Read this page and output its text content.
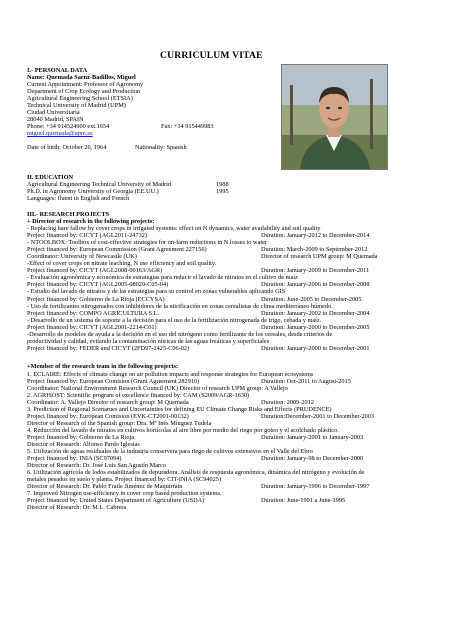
CURRICULUM VITAE
I.- PERSONAL DATA
Name: Quemada Saenz-Badillos, Miguel
Current Appointment: Professor of Agronomy
Department of Crop Ecology and Production
Agricultural Engineering School (ETSIA)
Technical University of Madrid (UPM)
Ciudad Universitaria
28040 Madrid, SPAIN
Phone: +34 914524900 ext.1654	Fax: +34 915449983
miguel.quemada@upm.es
Date of birth: October 26, 1964	Nationality: Spanish
II. EDUCATION
Agricultural Engineering Technical University of Madrid	1988
Ph.D. in Agronomy University of Georgia (EE.UU.)	1995
Languages: fluent in English and French
III.- RESEARCH PROJECTS
+ Director of research in the following projects:
- Replacing bare fallow by cover crops in irrigated systems: effect on N dynamics, water availability and soil quality
Project financed by: CICYT (AGL2011-24732)	Duration: January-2012 to December-2014
- NTOOLBOX: Toolbox of cost-effective strategies for on-farm reductions in N losses to water
Project financed by: European Commission (Grant Agreement 227156)	Duration: March-2009 to September-2012
Coordinator: University of Newcastle (UK)	Director of research UPM group: M Quemada
-Effect of cover crops on nitrate leaching, N use efficiency and soil quality.
Project financed by: CICYT (AGL2008-00163/AGR)	Duration: January-2009 to December-2011
- Evaluación agronómica y económica de estrategias para reducir el lavado de nitratos en el cultivo de maíz
Project financed by: CICYT (AGL2005-08020-C05-04)	Duration: January-2006 to December-2008
- Estudio del lavado de nitratos y de las estrategias para su control en zonas vulnerables aplicando GIS
Project financed by: Gobierno de La Rioja (ECCYSA)	Duration: June-2005 to December-2005
- Uso de fertilizantes nitrogenados con inhibidores de la nitrificación en zonas cerealistas de clima mediterráneo húmedo.
Project financed by: COMPO AGRICULTURA S.L.	Duration: January-2002 to December-2004
- Desarrollo de un sistema de soporte a la decisión para el uso de la fertilización nitrogenada de trigo, cebada y maíz.
Project financed by: CICYT (AGL2001-2214-C01)	Duration: January-2000 to December-2005
-Desarrollo de modelos de ayuda a la decisión en el uso del nitrógeno como fertilizante de los cereales, desde criterios de
productividad y calidad, evitando la contaminación nítricas de las aguas freáticas y superficiales
Project financed by: FEDER and CICYT (2FD97-2425-C06-02)	Duration: January-2000 to December-2001
+Member of the research team in the following projects:
1. ECLAIRE: Effects of climate change on air pollution impacts and response strategies for European ecosystems
Project financed by: European Comision (Grant Agreement 282910)	Duration: Oct-2011 to August-2015
Coordinator: National Environment Research Council (UK) Director of research UPM group: A Vallejo
2. AGRISOST: Scientific program of excellence financed by: CAM (S2009/AGR-1630)
Coordinator: A. Vallejo Director of research group: M Quemada	Duration: 2009-2012
3. Prediction of Regional Scenarues and Uncertainties for defining EU Climate Change Risks and Effects (PRUDENCE)
Project financed by: European Comision (EVK-CT2001-00132)	Duration:December-2001 to December-2003
Director of Research of the Spanish group: Dra. Mª Inés Mínguez Tudela
4. Reducción del lavado de nitratos en cultivos hortícolas al aire libre por medio del riego por goteo y el acolchado plástico.
Project financed by: Gobierno de La Rioja	Duration: January-2001 to January-2003
Director of Research: Alfonso Pardo Iglesias
5. Utilización de aguas residuales de la industria conservera para riego de cultivos extensivos en el Valle del Ebro
Project financed by: INIA (SC97094)	Duration: January-98 to December-2000
Director of Research: Dr. José Luis San Agustín Marco
6. Utilización agrícola de lodos estabilizados de depuradora. Análisis de respuesta agronómica, dinámica del nitrógeno y evolución de
metales pesados en suelo y planta. Project financed by: CIT-INIA (SC94025)
Director of Research: Dr. Pablo Fraile Jiménez de Maquirrain	Duration: January-1996 to December-1997
7. Improved Nitrogen use-efficiency in cover crop based production systems.
Project financed by: United States Department of Agriculture (USDA)	Duration: June-1991 a June-1995
Director of Research: Dr. M.L. Cabrera
